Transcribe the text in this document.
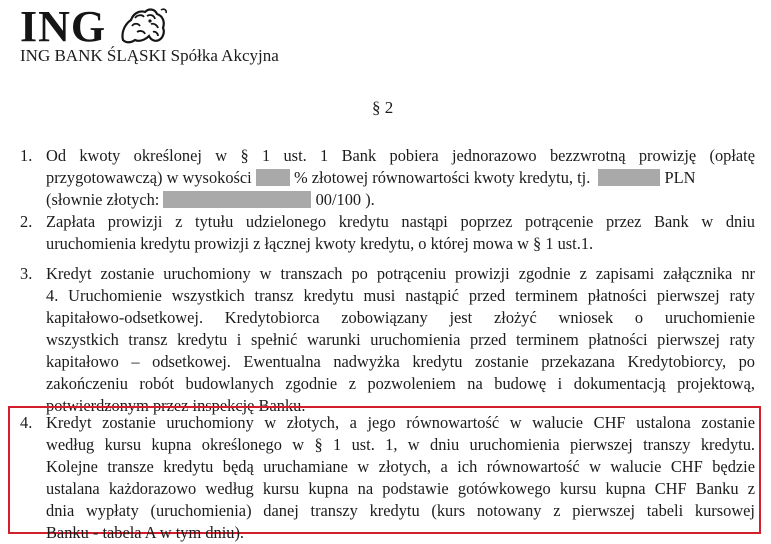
ING
ING BANK ŚLĄSKI Spółka Akcyjna
§ 2
1. Od kwoty określonej w § 1 ust. 1 Bank pobiera jednorazowo bezzwrotną prowizję (opłatę
przygotowawczą) w wysokości	% złotowej równowartości kwoty kredytu, tj.	PLN
(słownie złotych:	00/100 ).
2. Zapłata prowizji z tytułu udzielonego kredytu nastąpi poprzez potrącenie przez Bank w dniu
uruchomienia kredytu prowizji z łącznej kwoty kredytu, o której mowa w § 1 ust.1.
3. Kredyt zostanie uruchomiony w transzach po potrąceniu prowizji zgodnie z zapisami załącznika nr
4. Uruchomienie wszystkich transz kredytu musi nastąpić przed terminem płatności pierwszej raty
kapitałowo-odsetkowej. Kredytobiorca zobowiązany jest złożyć wniosek o uruchomienie
wszystkich transz kredytu i spełnić warunki uruchomienia przed terminem płatności pierwszej raty
kapitałowo – odsetkowej. Ewentualna nadwyżka kredytu zostanie przekazana Kredytobiorcy, po
zakończeniu robót budowlanych zgodnie z pozwoleniem na budowę i dokumentacją projektową,
potwierdzonym przez inspekcję Banku.
4. Kredyt zostanie uruchomiony w złotych, a jego równowartość w walucie CHF ustalona zostanie
według kursu kupna określonego w § 1 ust. 1, w dniu uruchomienia pierwszej transzy kredytu.
Kolejne transze kredytu będą uruchamiane w złotych, a ich równowartość w walucie CHF będzie
ustalana każdorazowo według kursu kupna na podstawie gotówkowego kursu kupna CHF Banku z
dnia wypłaty (uruchomienia) danej transzy kredytu (kurs notowany z pierwszej tabeli kursowej
Banku - tabela A w tym dniu).
